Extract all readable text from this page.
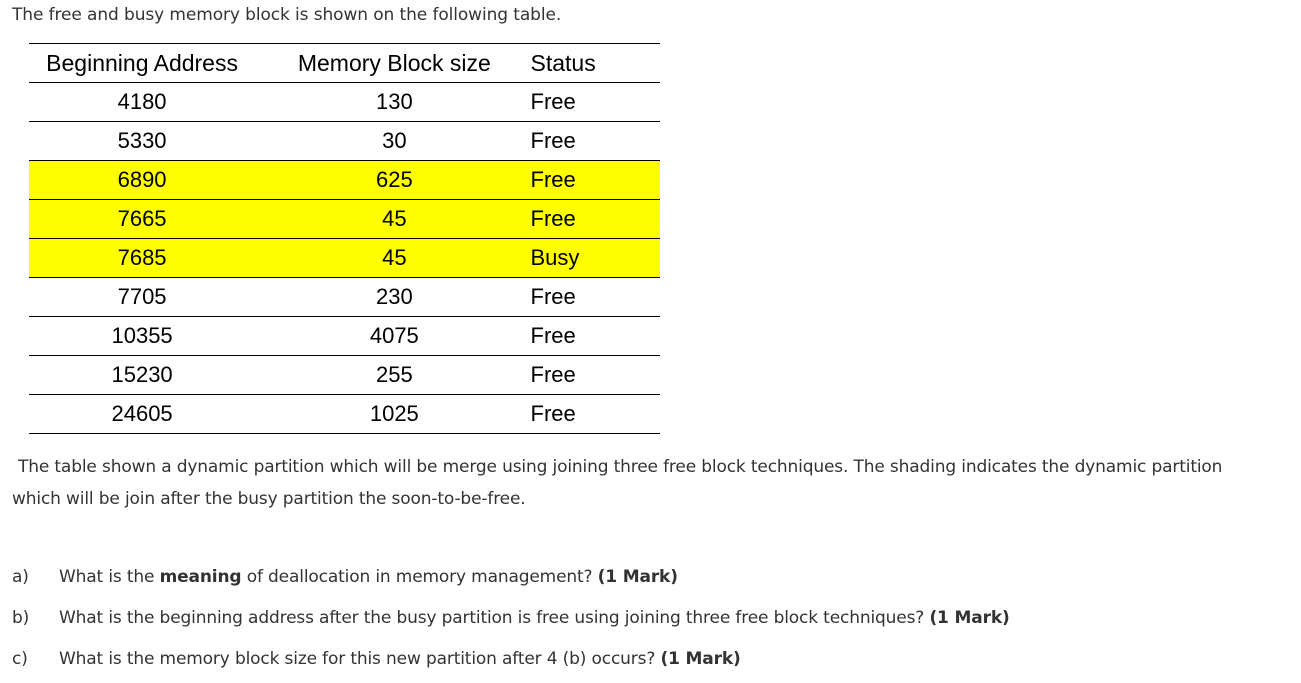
The free and busy memory block is shown on the following table.
Beginning Address	Memory Block size	Status
4180	130	Free
5330	30	Free
6890	625	Free
7665	45	Free
7685	45	Busy
7705	230	Free
10355	4075	Free
15230	255	Free
24605	1025	Free
The table shown a dynamic partition which will be merge using joining three free block techniques. The shading indicates the dynamic partition
which will be join after the busy partition the soon-to-be-free.
a) What is the meaning of deallocation in memory management? (1 Mark)
b) What is the beginning address after the busy partition is free using joining three free block techniques? (1 Mark)
c) What is the memory block size for this new partition after 4 (b) occurs? (1 Mark)
